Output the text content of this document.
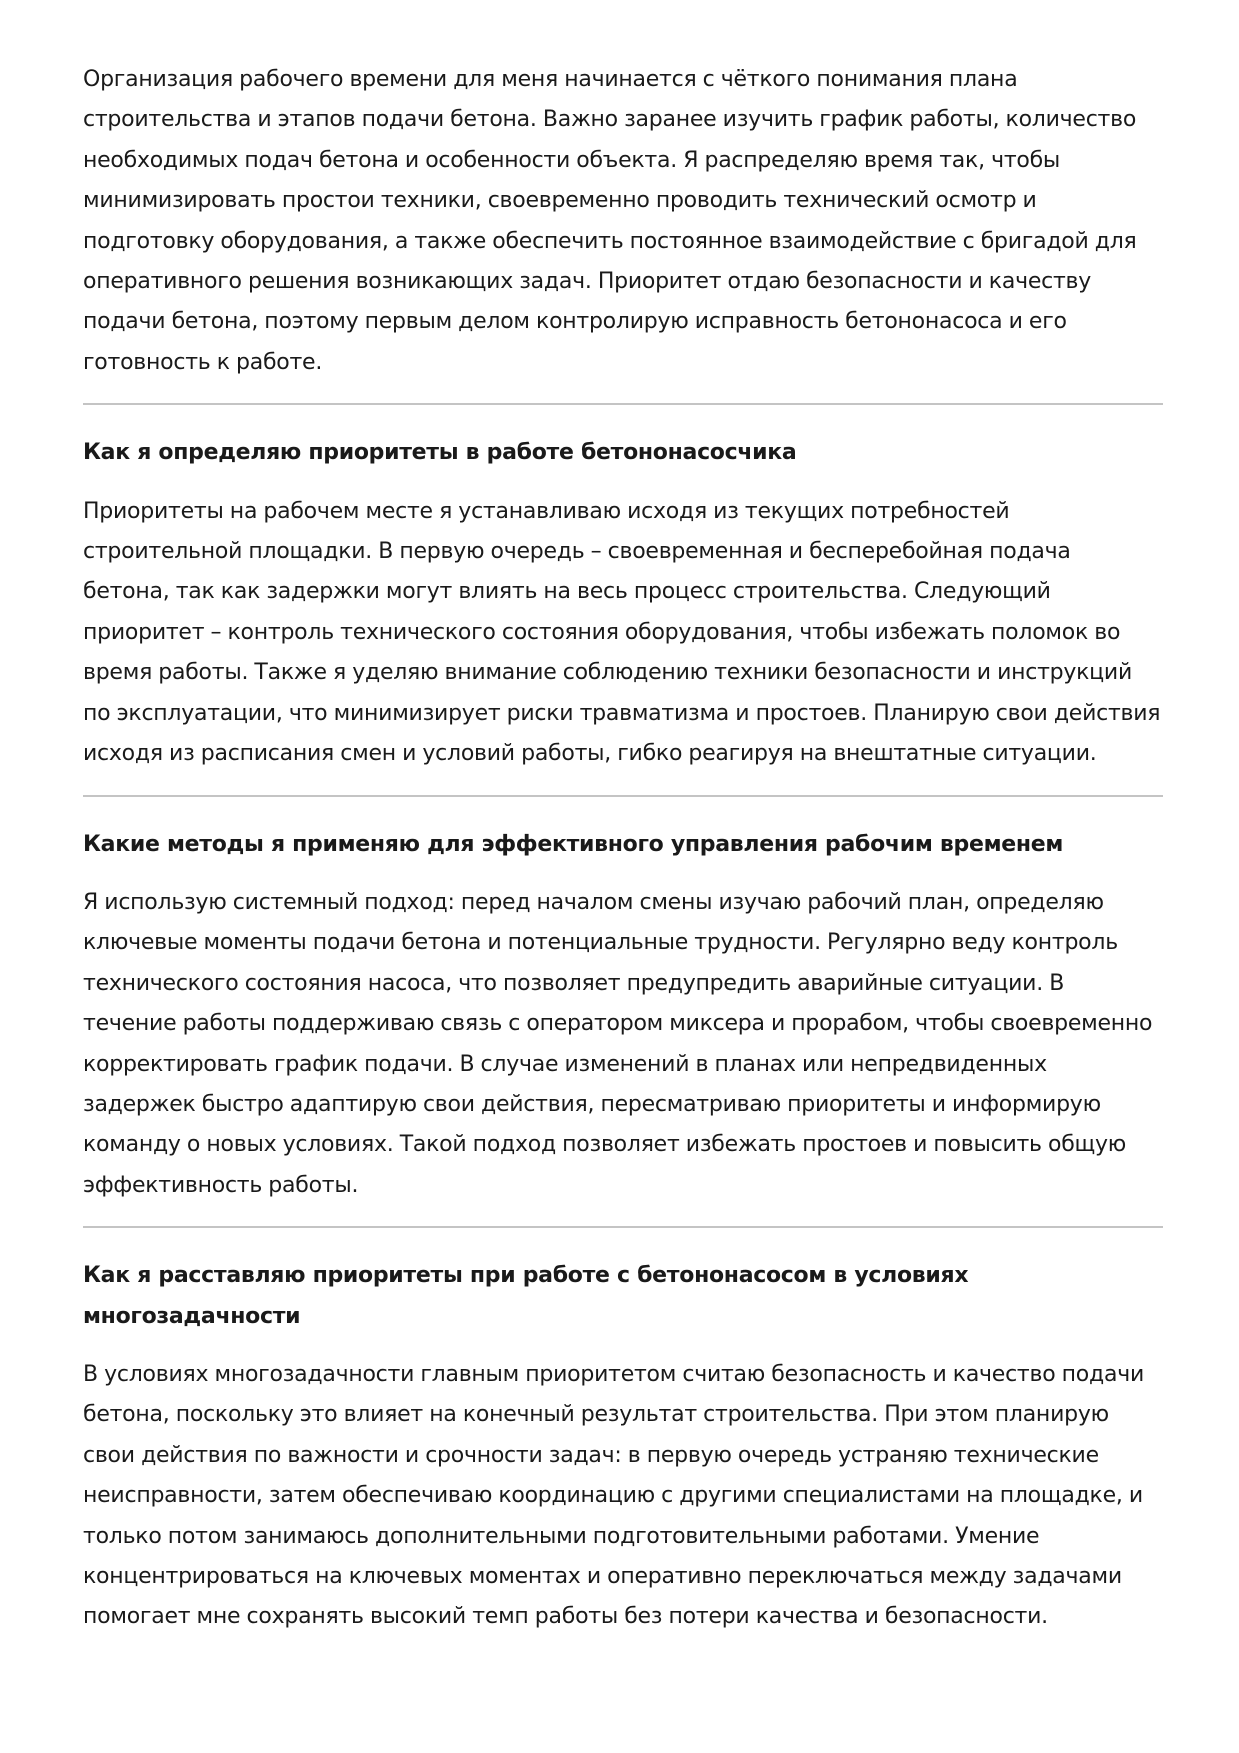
Организация рабочего времени для меня начинается с чёткого понимания плана строительства и этапов подачи бетона. Важно заранее изучить график работы, количество необходимых подач бетона и особенности объекта. Я распределяю время так, чтобы минимизировать простои техники, своевременно проводить технический осмотр и подготовку оборудования, а также обеспечить постоянное взаимодействие с бригадой для оперативного решения возникающих задач. Приоритет отдаю безопасности и качеству подачи бетона, поэтому первым делом контролирую исправность бетононасоса и его готовность к работе.

Как я определяю приоритеты в работе бетононасосчика

Приоритеты на рабочем месте я устанавливаю исходя из текущих потребностей строительной площадки. В первую очередь – своевременная и бесперебойная подача бетона, так как задержки могут влиять на весь процесс строительства. Следующий приоритет – контроль технического состояния оборудования, чтобы избежать поломок во время работы. Также я уделяю внимание соблюдению техники безопасности и инструкций по эксплуатации, что минимизирует риски травматизма и простоев. Планирую свои действия исходя из расписания смен и условий работы, гибко реагируя на внештатные ситуации.

Какие методы я применяю для эффективного управления рабочим временем

Я использую системный подход: перед началом смены изучаю рабочий план, определяю ключевые моменты подачи бетона и потенциальные трудности. Регулярно веду контроль технического состояния насоса, что позволяет предупредить аварийные ситуации. В течение работы поддерживаю связь с оператором миксера и прорабом, чтобы своевременно корректировать график подачи. В случае изменений в планах или непредвиденных задержек быстро адаптирую свои действия, пересматриваю приоритеты и информирую команду о новых условиях. Такой подход позволяет избежать простоев и повысить общую эффективность работы.

Как я расставляю приоритеты при работе с бетононасосом в условиях многозадачности

В условиях многозадачности главным приоритетом считаю безопасность и качество подачи бетона, поскольку это влияет на конечный результат строительства. При этом планирую свои действия по важности и срочности задач: в первую очередь устраняю технические неисправности, затем обеспечиваю координацию с другими специалистами на площадке, и только потом занимаюсь дополнительными подготовительными работами. Умение концентрироваться на ключевых моментах и оперативно переключаться между задачами помогает мне сохранять высокий темп работы без потери качества и безопасности.
